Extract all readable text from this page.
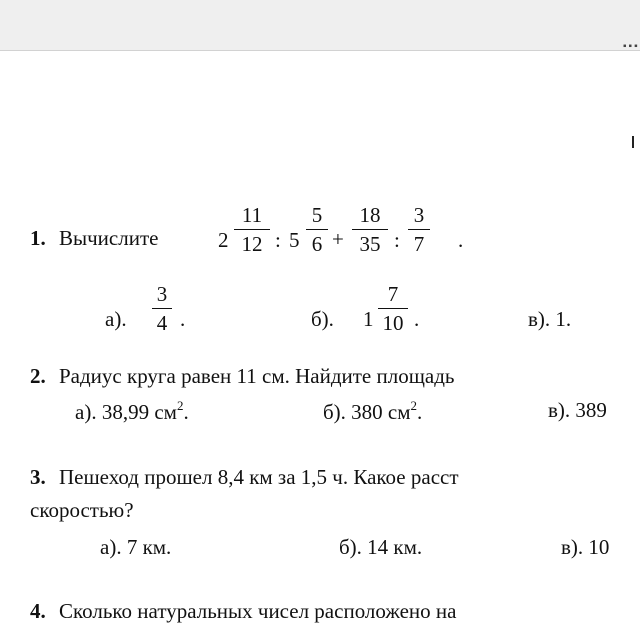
▪▪▪
1. Вычислите	2
11
12 : 5
5
6 +
18
35 :
3
7 .
а).
3
4 .	б). 1
7
10 .	в). 1.
2. Радиус круга равен 11 см. Найдите площадь
а). 38,99 $см^2$.	б). 380 $см^2$.	в). 389
3. Пешеход прошел 8,4 км за 1,5 ч. Какое расст
скоростью?
а). 7 км.	б). 14 км.	в). 10
4. Сколько натуральных чисел расположено на
